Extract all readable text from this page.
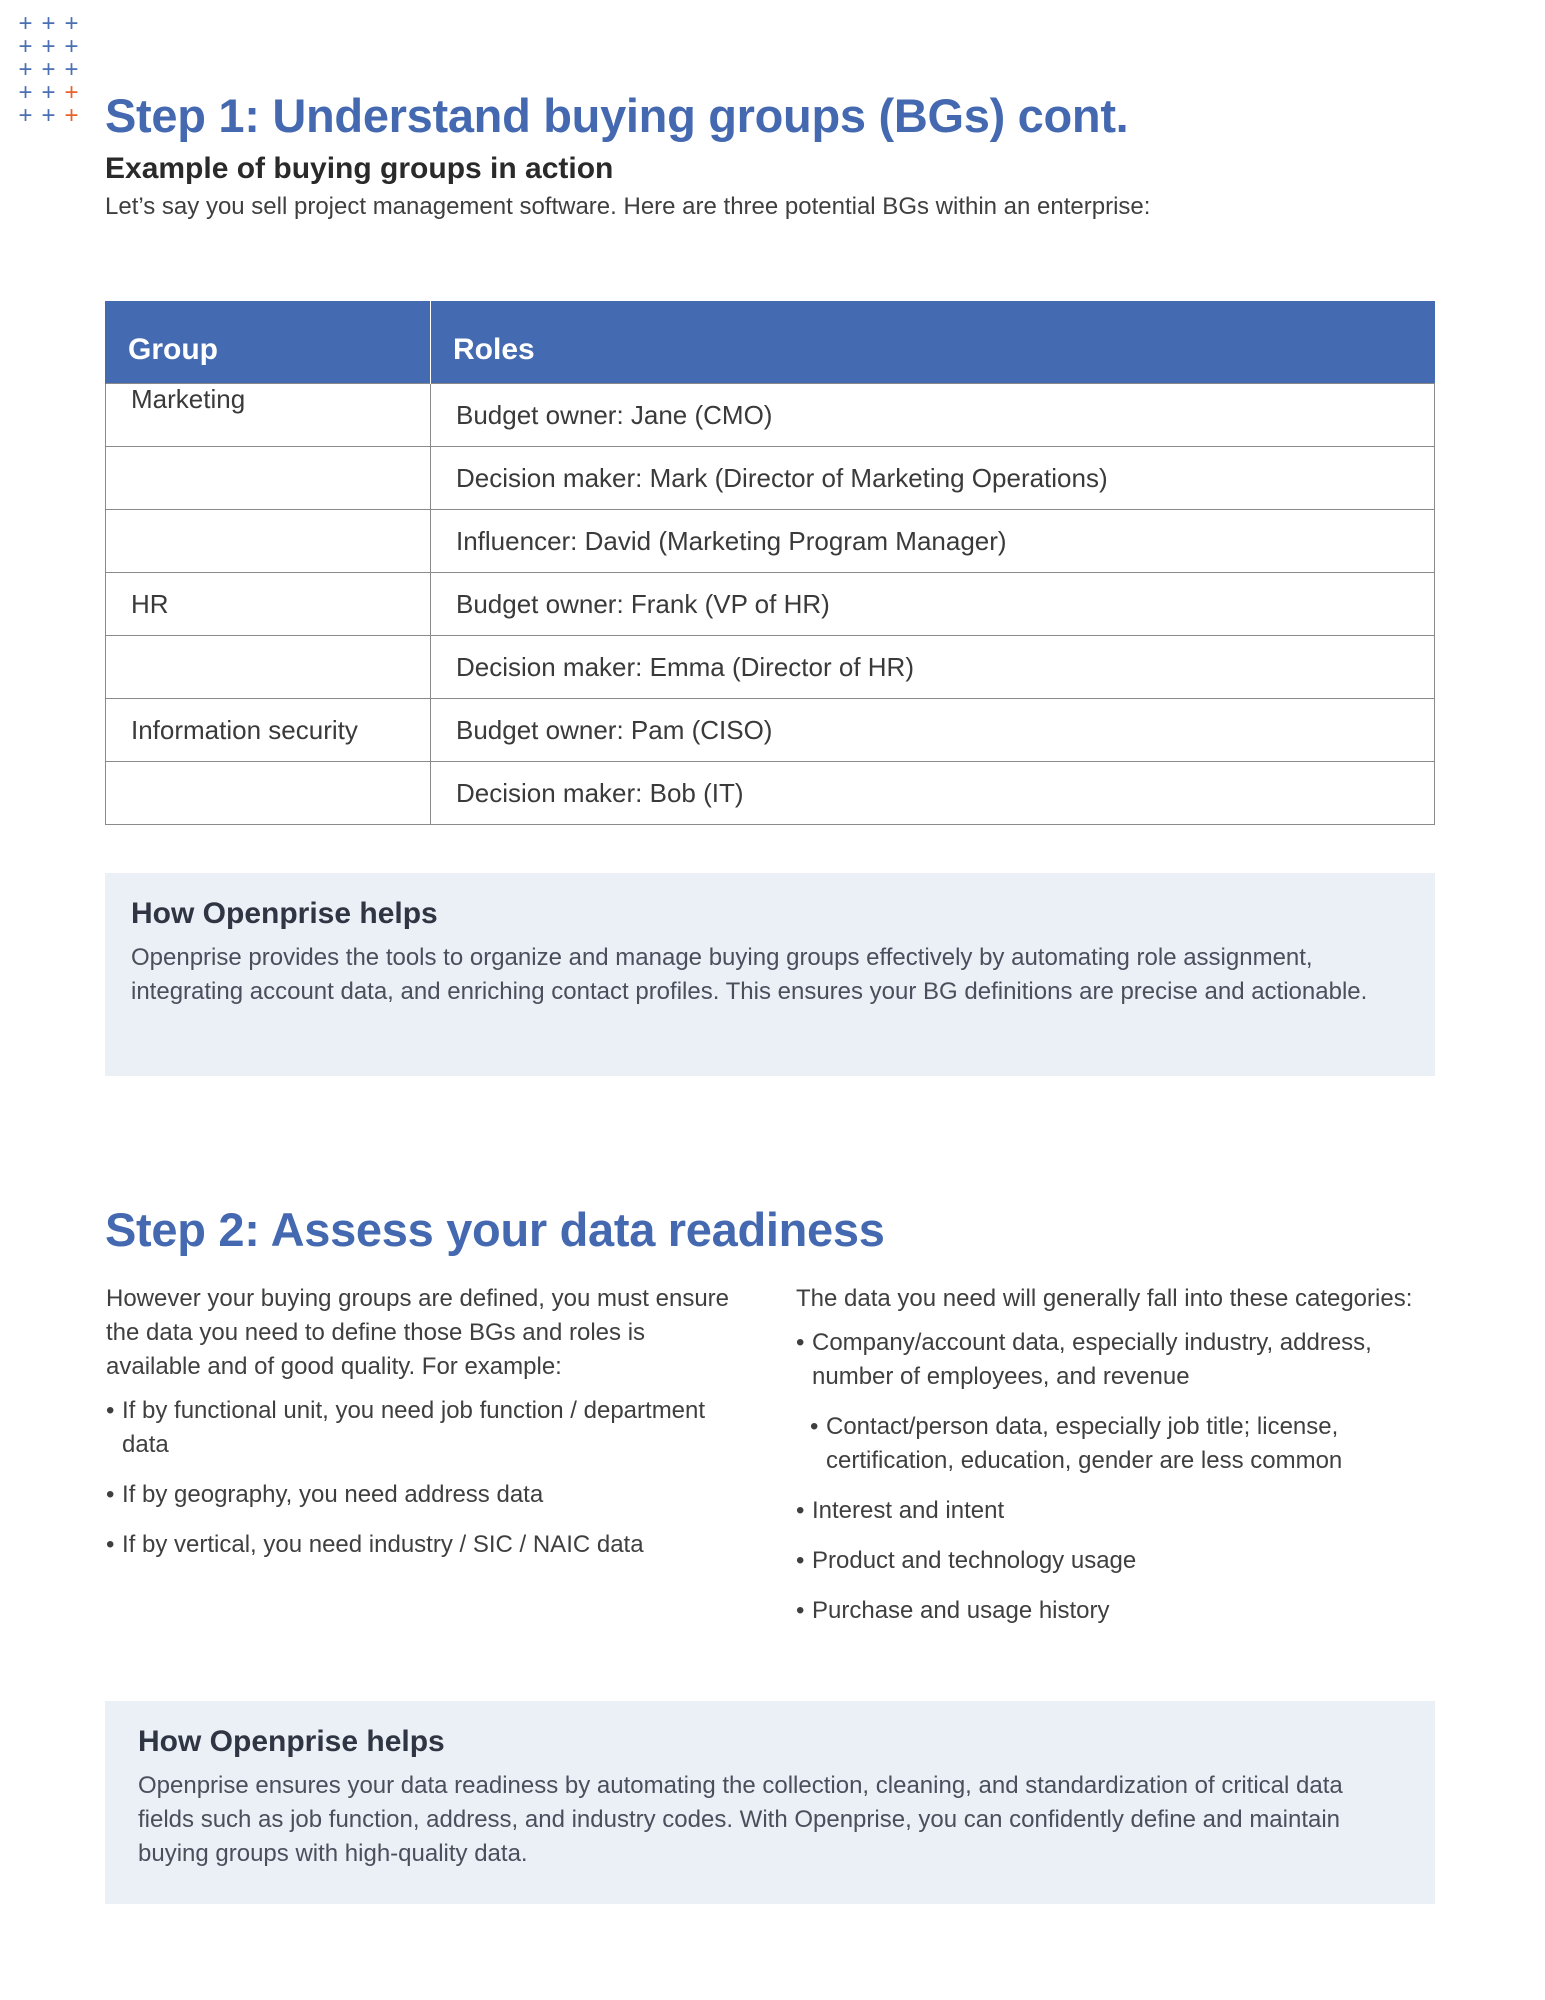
+ + +
+ + +
+ + +
+ + +
+ + + Step 1: Understand buying groups (BGs) cont.

Example of buying groups in action

Let’s say you sell project management software. Here are three potential BGs within an enterprise:

Group	Roles
Marketing	Budget owner: Jane (CMO)
	Decision maker: Mark (Director of Marketing Operations)
	Influencer: David (Marketing Program Manager)
HR	Budget owner: Frank (VP of HR)
	Decision maker: Emma (Director of HR)
Information security	Budget owner: Pam (CISO)
	Decision maker: Bob (IT)

How Openprise helps

Openprise provides the tools to organize and manage buying groups effectively by automating role assignment, integrating account data, and enriching contact profiles. This ensures your BG definitions are precise and actionable.

Step 2: Assess your data readiness

However your buying groups are defined, you must ensure the data you need to define those BGs and roles is available and of good quality. For example:

• If by functional unit, you need job function / department data
• If by geography, you need address data
• If by vertical, you need industry / SIC / NAIC data

The data you need will generally fall into these categories:

• Company/account data, especially industry, address, number of employees, and revenue
• Contact/person data, especially job title; license, certification, education, gender are less common
• Interest and intent
• Product and technology usage
• Purchase and usage history

How Openprise helps

Openprise ensures your data readiness by automating the collection, cleaning, and standardization of critical data fields such as job function, address, and industry codes. With Openprise, you can confidently define and maintain buying groups with high-quality data.
